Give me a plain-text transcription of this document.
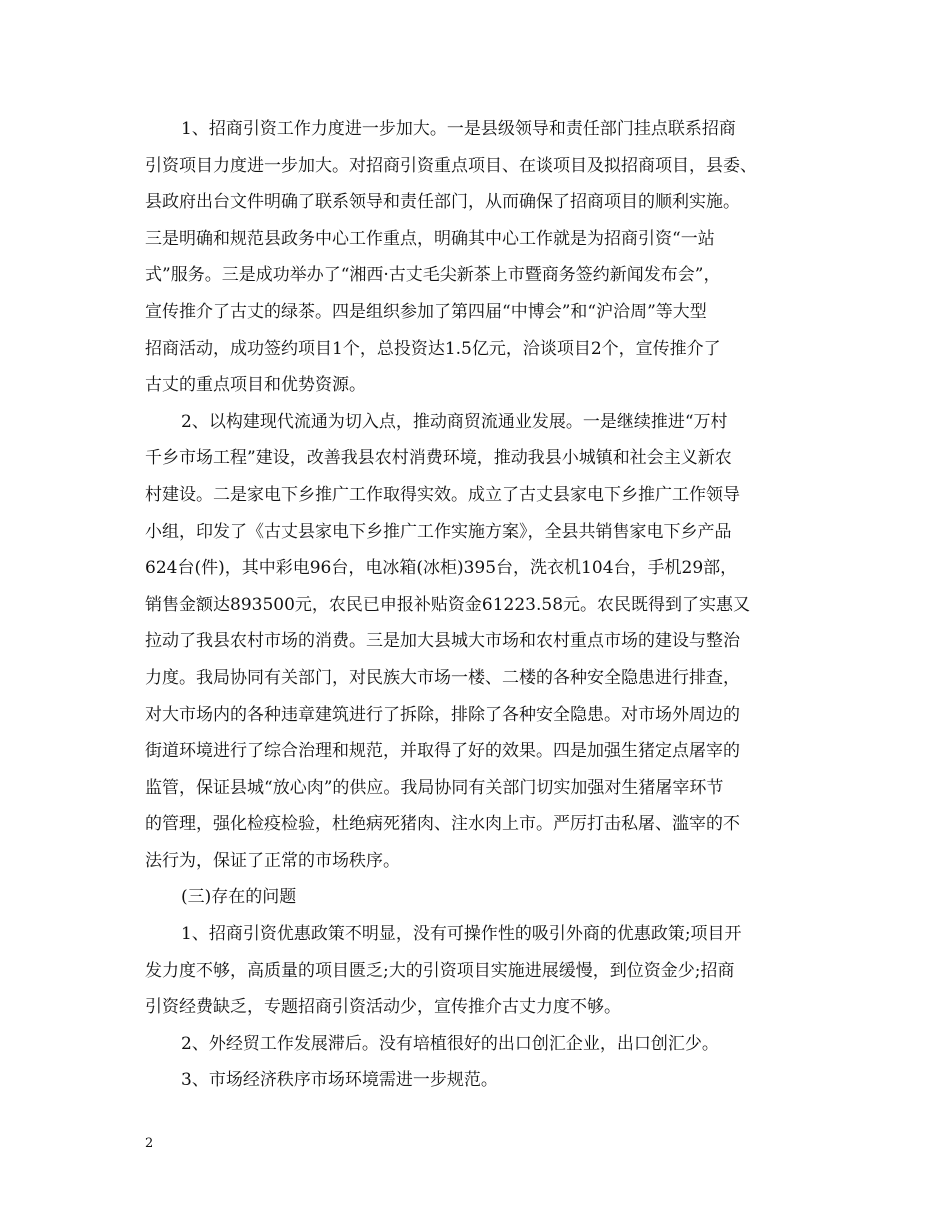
1、招商引资工作力度进一步加大。一是县级领导和责任部门挂点联系招商
引资项目力度进一步加大。对招商引资重点项目、在谈项目及拟招商项目，县委、
县政府出台文件明确了联系领导和责任部门，从而确保了招商项目的顺利实施。
三是明确和规范县政务中心工作重点，明确其中心工作就是为招商引资“一站
式”服务。三是成功举办了“湘西·古丈毛尖新茶上市暨商务签约新闻发布会”，
宣传推介了古丈的绿茶。四是组织参加了第四届“中博会”和“沪洽周”等大型
招商活动，成功签约项目1个，总投资达1.5亿元，洽谈项目2个，宣传推介了
古丈的重点项目和优势资源。
2、以构建现代流通为切入点，推动商贸流通业发展。一是继续推进“万村
千乡市场工程”建设，改善我县农村消费环境，推动我县小城镇和社会主义新农
村建设。二是家电下乡推广工作取得实效。成立了古丈县家电下乡推广工作领导
小组，印发了《古丈县家电下乡推广工作实施方案》，全县共销售家电下乡产品
624台(件)，其中彩电96台，电冰箱(冰柜)395台，洗衣机104台，手机29部，
销售金额达893500元，农民已申报补贴资金61223.58元。农民既得到了实惠又
拉动了我县农村市场的消费。三是加大县城大市场和农村重点市场的建设与整治
力度。我局协同有关部门，对民族大市场一楼、二楼的各种安全隐患进行排查，
对大市场内的各种违章建筑进行了拆除，排除了各种安全隐患。对市场外周边的
街道环境进行了综合治理和规范，并取得了好的效果。四是加强生猪定点屠宰的
监管，保证县城“放心肉”的供应。我局协同有关部门切实加强对生猪屠宰环节
的管理，强化检疫检验，杜绝病死猪肉、注水肉上市。严厉打击私屠、滥宰的不
法行为，保证了正常的市场秩序。
(三)存在的问题
1、招商引资优惠政策不明显，没有可操作性的吸引外商的优惠政策;项目开
发力度不够，高质量的项目匮乏;大的引资项目实施进展缓慢，到位资金少;招商
引资经费缺乏，专题招商引资活动少，宣传推介古丈力度不够。
2、外经贸工作发展滞后。没有培植很好的出口创汇企业，出口创汇少。
3、市场经济秩序市场环境需进一步规范。
2
